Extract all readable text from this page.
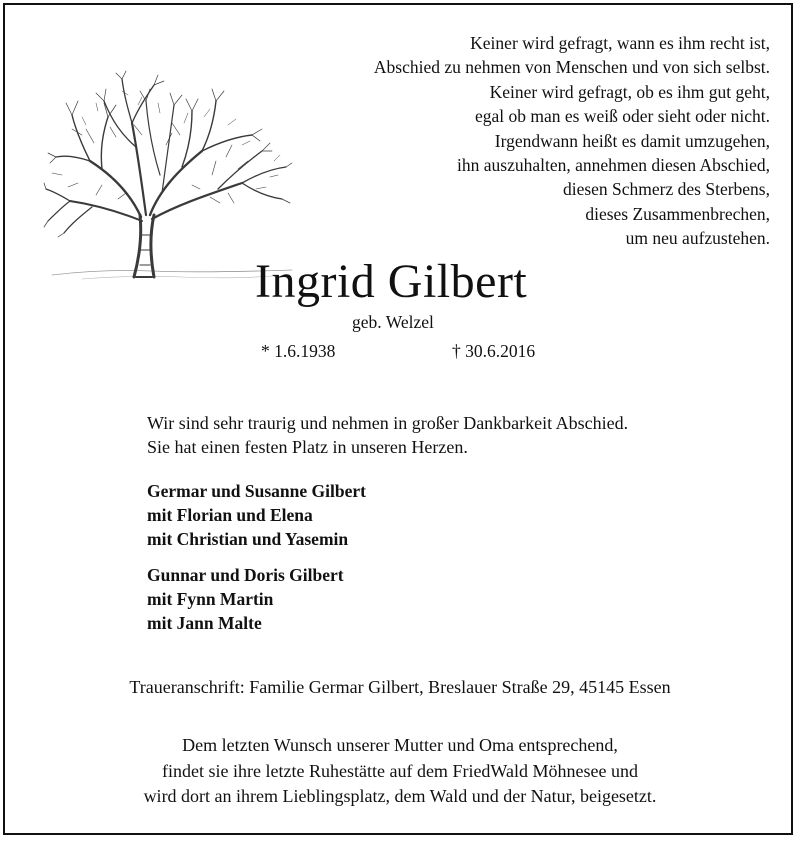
Keiner wird gefragt, wann es ihm recht ist,
Abschied zu nehmen von Menschen und von sich selbst.
Keiner wird gefragt, ob es ihm gut geht,
egal ob man es weiß oder sieht oder nicht.
Irgendwann heißt es damit umzugehen,
ihn auszuhalten, annehmen diesen Abschied,
diesen Schmerz des Sterbens,
dieses Zusammenbrechen,
um neu aufzustehen.
Ingrid Gilbert
geb. Welzel
* 1.6.1938	† 30.6.2016
Wir sind sehr traurig und nehmen in großer Dankbarkeit Abschied.
Sie hat einen festen Platz in unseren Herzen.
Germar und Susanne Gilbert
mit Florian und Elena
mit Christian und Yasemin
Gunnar und Doris Gilbert
mit Fynn Martin
mit Jann Malte
Traueranschrift: Familie Germar Gilbert, Breslauer Straße 29, 45145 Essen
Dem letzten Wunsch unserer Mutter und Oma entsprechend,
findet sie ihre letzte Ruhestätte auf dem FriedWald Möhnesee und
wird dort an ihrem Lieblingsplatz, dem Wald und der Natur, beigesetzt.
